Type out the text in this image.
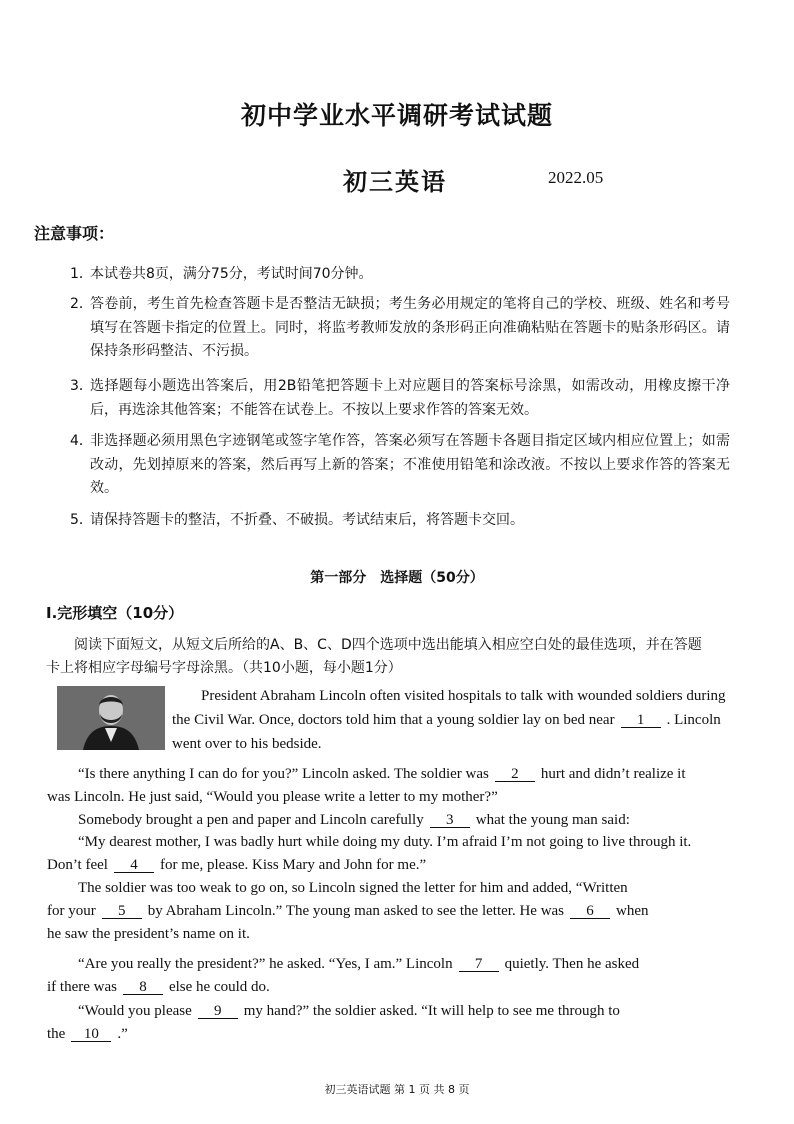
初中学业水平调研考试试题
初三英语	2022.05
注意事项：
1．
本试卷共8页，满分75分，考试时间70分钟。
2．
答卷前，考生首先检查答题卡是否整洁无缺损；考生务必用规定的笔将自己的学校、班级、姓名和考号填写在答题卡指定的位置上。同时，将监考教师发放的条形码正向准确粘贴在答题卡的贴条形码区。请保持条形码整洁、不污损。
3．
选择题每小题选出答案后，用2B铅笔把答题卡上对应题目的答案标号涂黑，如需改动，用橡皮擦干净后，再选涂其他答案；不能答在试卷上。不按以上要求作答的答案无效。
4．
非选择题必须用黑色字迹钢笔或签字笔作答，答案必须写在答题卡各题目指定区域内相应位置上；如需改动，先划掉原来的答案，然后再写上新的答案；不准使用铅笔和涂改液。不按以上要求作答的答案无效。
5．
请保持答题卡的整洁，不折叠、不破损。考试结束后，将答题卡交回。
第一部分　选择题（50分）
I.完形填空（10分）
阅读下面短文，从短文后所给的A、B、C、D四个选项中选出能填入相应空白处的最佳选项，并在答题卡上将相应字母编号字母涂黑。（共10小题，每小题1分）
President Abraham Lincoln often visited hospitals to talk with wounded soldiers during
the Civil War. Once, doctors told him that a young soldier lay on bed near 1 . Lincoln
went over to his bedside.
“Is there anything I can do for you?” Lincoln asked. The soldier was 2 hurt and didn’t realize it
was Lincoln. He just said, “Would you please write a letter to my mother?”
Somebody brought a pen and paper and Lincoln carefully 3 what the young man said:
“My dearest mother, I was badly hurt while doing my duty. I’m afraid I’m not going to live through it.
Don’t feel 4 for me, please. Kiss Mary and John for me.”
The soldier was too weak to go on, so Lincoln signed the letter for him and added, “Written
for your 5 by Abraham Lincoln.” The young man asked to see the letter. He was 6 when
he saw the president’s name on it.
“Are you really the president?” he asked. “Yes, I am.” Lincoln 7 quietly. Then he asked
if there was 8 else he could do.
“Would you please 9 my hand?” the soldier asked. “It will help to see me through to
the 10 .”
初三英语试题 第 1 页 共 8 页
